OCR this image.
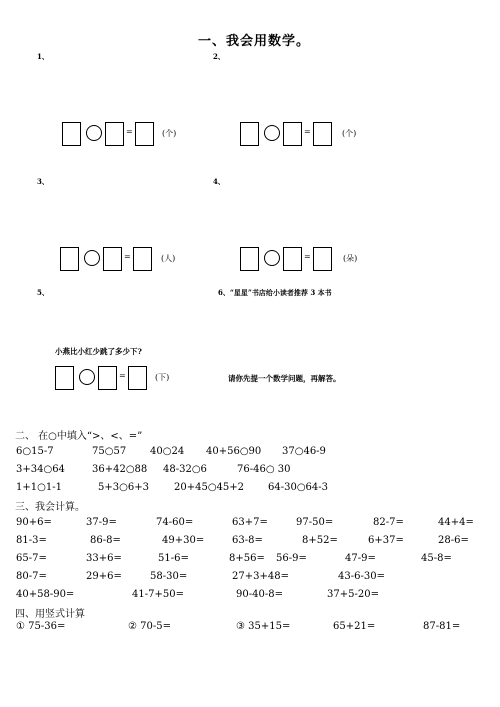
一、我会用数学。
1、	2、
3、	4、
5、	6、“星星”书店给小读者推荐 3 本书
=	(个)	=	(个)
=	(人)	=	(朵)
小燕比小红少跳了多少下?
=	(下)	请你先提一个数学问题，再解答。
二、 在○中填入“>、<、=”
6○15-7	75○57 40○24 40+56○90 37○46-9
3+34○64	36+42○88 48-32○6	76-46○ 30
1+1○1-1	5+3○6+3	20+45○45+2 64-30○64-3
三、我会计算。
90+6=	37-9=	74-60=	63+7=	97-50=	82-7=	44+4=
81-3=	86-8=	49+30=	63-8=	8+52=	6+37=	28-6=
65-7=	33+6=	51-6=	8+56= 56-9=	47-9=	45-8=
80-7=	29+6=	58-30=	27+3+48=	43-6-30=
40+58-90=	41-7+50=	90-40-8=	37+5-20=
四、用竖式计算
① 75-36=	② 70-5=	③ 35+15=	65+21=	87-81=
